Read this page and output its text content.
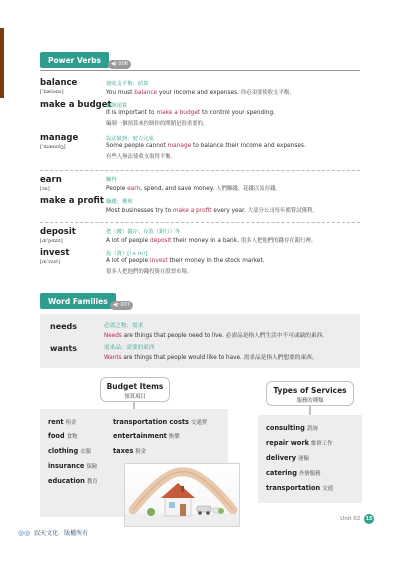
Power Verbs	◀) 006
balance
[ˈbæləns]
使收支平衡；結算
You must balance your income and expenses. 你必須要使收支平衡。
make a budget
編制預算
It is important to make a budget to control your spending.
編制一個預算來控制你的開銷是很重要的。
manage
[ˈmænɪdʒ]
設法做到；勉力完成
Some people cannot manage to balance their income and expenses.
有些人無法使收支取得平衡。
earn
[ɜn]
賺得
People earn, spend, and save money. 人們賺錢、花錢以及存錢。
make a profit 賺錢；獲利
Most businesses try to make a profit every year. 大部分公司每年都嘗試獲利。
deposit
[dɪˈpɑzɪt]
把（錢）儲存；存放（銀行）等
A lot of people deposit their money in a bank. 很多人把他們的錢存在銀行裡。
invest
[ɪnˈvɛst]
投（資）[（+ in）]
A lot of people invest their money in the stock market.
很多人把他們的錢投資在股票市場。
Word Families	◀) 007
needs	必需之物；需求
Needs are things that people need to live. 必需品是指人們生活中不可或缺的東西。
wants	需求品；需要的東西
Wants are things that people would like to have. 需求品是指人們想要的東西。
Budget Items
預算項目
rent 租金
food 食物
clothing 衣服
insurance 保險
education 教育
transportation costs 交通費
entertainment 娛樂
taxes 稅金
Types of Services
服務的種類
consulting 諮詢
repair work 維修工作
delivery 運輸
catering 外燴服務
transportation 交通
Unit 02 15
◎◎ 寂天文化．版權所有
